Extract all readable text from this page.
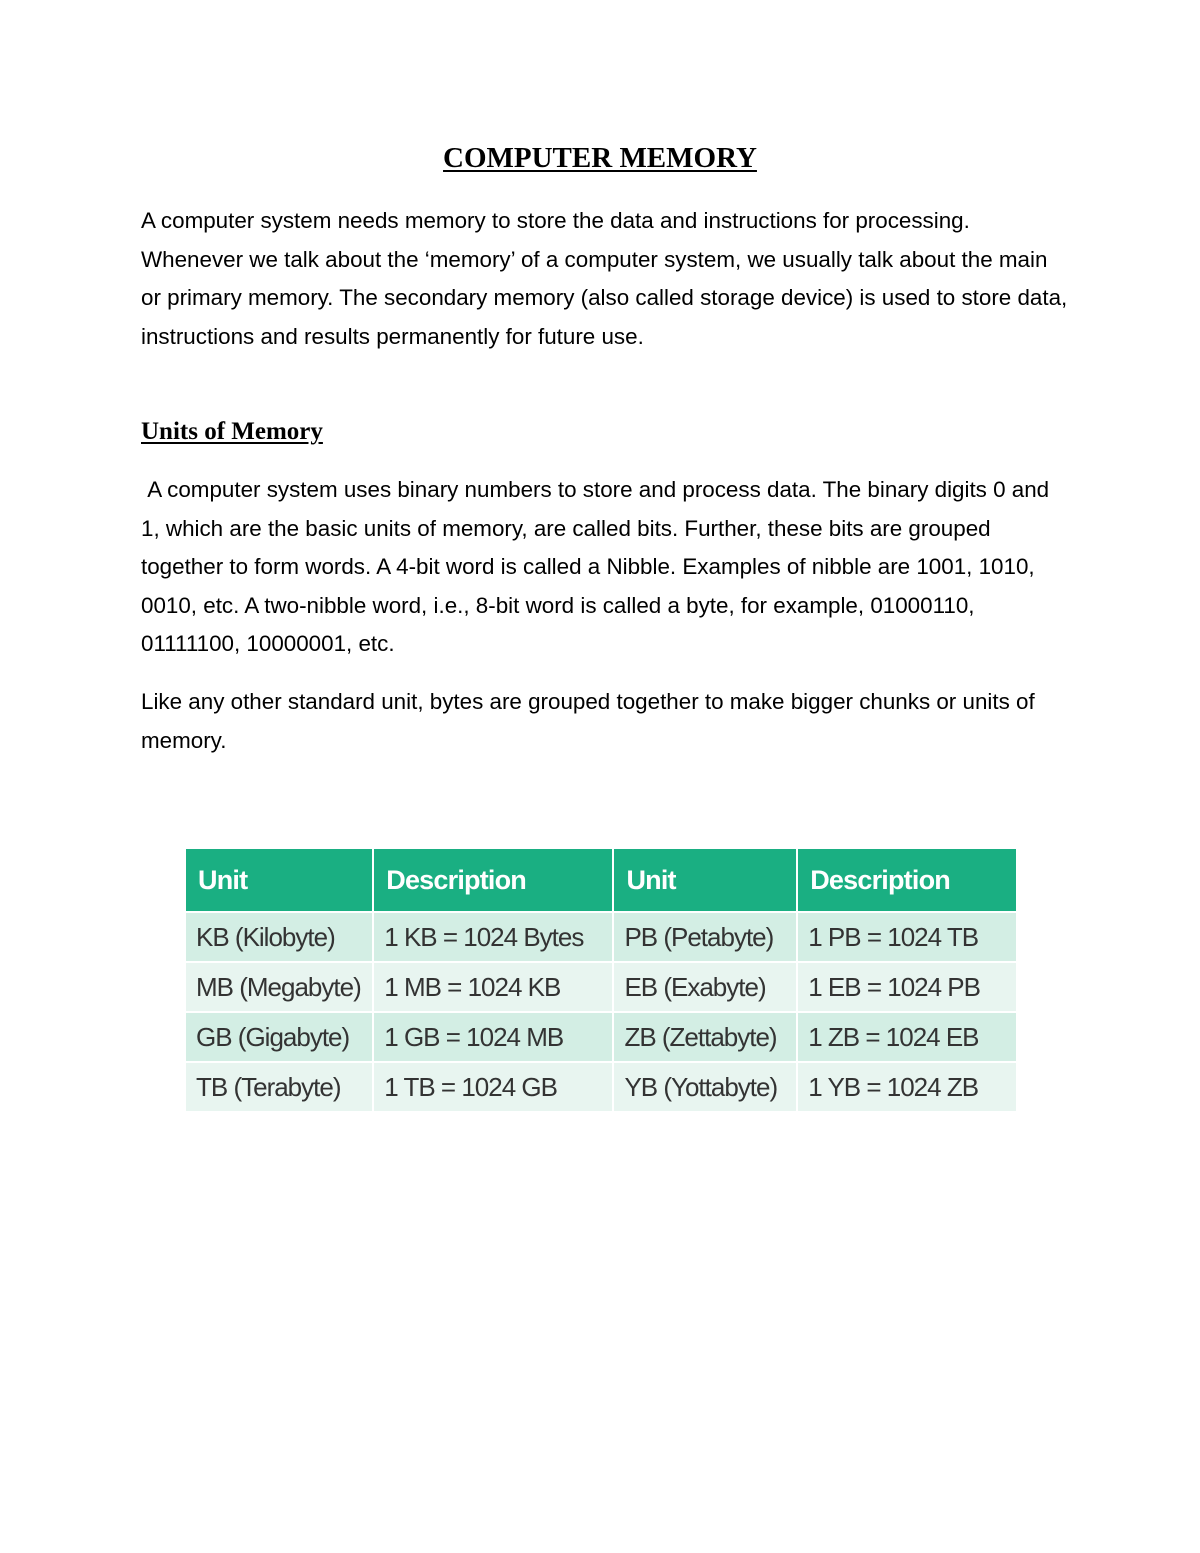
COMPUTER MEMORY

A computer system needs memory to store the data and instructions for processing. Whenever we talk about the ‘memory’ of a computer system, we usually talk about the main or primary memory. The secondary memory (also called storage device) is used to store data, instructions and results permanently for future use.

Units of Memory

A computer system uses binary numbers to store and process data. The binary digits 0 and 1, which are the basic units of memory, are called bits. Further, these bits are grouped together to form words. A 4-bit word is called a Nibble. Examples of nibble are 1001, 1010, 0010, etc. A two-nibble word, i.e., 8-bit word is called a byte, for example, 01000110, 01111100, 10000001, etc.

Like any other standard unit, bytes are grouped together to make bigger chunks or units of memory.

Unit	Description	Unit	Description
KB (Kilobyte)	1 KB = 1024 Bytes	PB (Petabyte)	1 PB = 1024 TB
MB (Megabyte)	1 MB = 1024 KB	EB (Exabyte)	1 EB = 1024 PB
GB (Gigabyte)	1 GB = 1024 MB	ZB (Zettabyte)	1 ZB = 1024 EB
TB (Terabyte)	1 TB = 1024 GB	YB (Yottabyte)	1 YB = 1024 ZB
